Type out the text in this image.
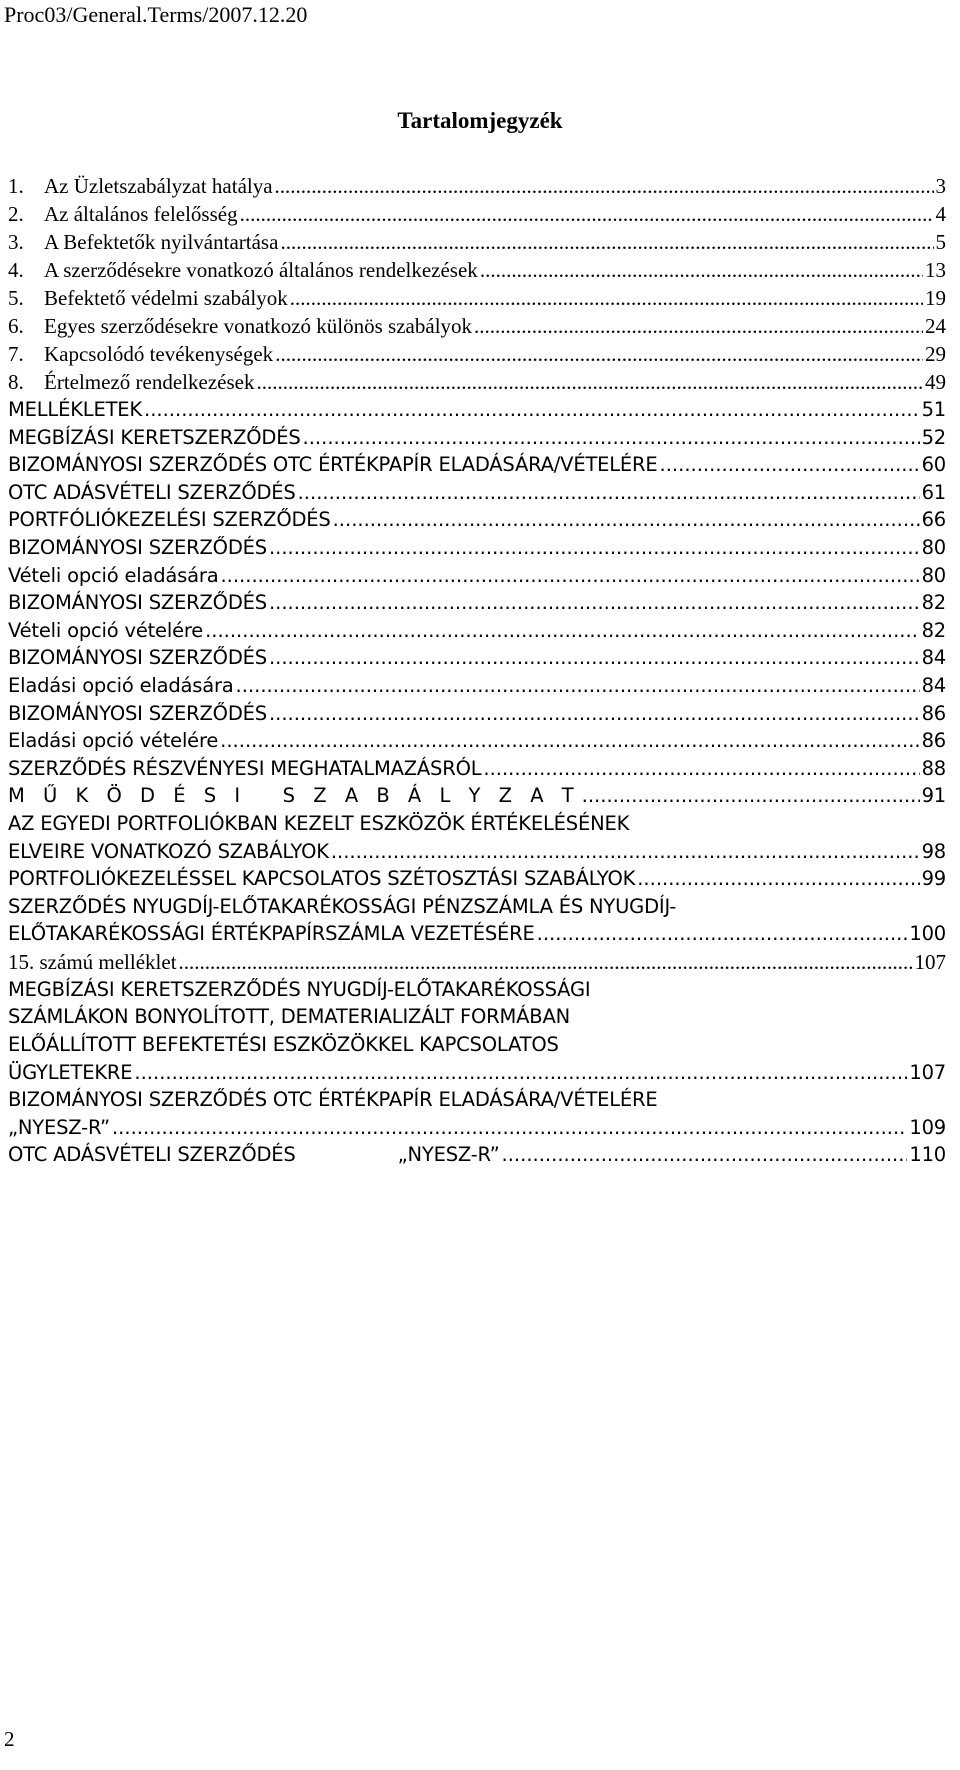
Proc03/General.Terms/2007.12.20
Tartalomjegyzék
1. Az Üzletszabályzat hatálya .....	3
2. Az általános felelősség .....	4
3. A Befektetők nyilvántartása .....	5
4. A szerződésekre vonatkozó általános rendelkezések .....	13
5. Befektető védelmi szabályok .....	19
6. Egyes szerződésekre vonatkozó különös szabályok .....	24
7. Kapcsolódó tevékenységek .....	29
8. Értelmező rendelkezések .....	49
MELLÉKLETEK .....	51
MEGBÍZÁSI KERETSZERZŐDÉS .....	52
BIZOMÁNYOSI SZERZŐDÉS OTC ÉRTÉKPAPÍR ELADÁSÁRA/VÉTELÉRE .....	60
OTC ADÁSVÉTELI SZERZŐDÉS .....	61
PORTFÓLIÓKEZELÉSI SZERZŐDÉS .....	66
BIZOMÁNYOSI SZERZŐDÉS .....	80
Vételi opció eladására .....	80
BIZOMÁNYOSI SZERZŐDÉS .....	82
Vételi opció vételére .....	82
BIZOMÁNYOSI SZERZŐDÉS .....	84
Eladási opció eladására .....	84
BIZOMÁNYOSI SZERZŐDÉS .....	86
Eladási opció vételére .....	86
SZERZŐDÉS RÉSZVÉNYESI MEGHATALMAZÁSRÓL .....	88
M Ű K Ö D É S I   S Z A B Á L Y Z A T .....	91
AZ EGYEDI PORTFOLIÓKBAN KEZELT ESZKÖZÖK ÉRTÉKELÉSÉNEK
ELVEIRE VONATKOZÓ SZABÁLYOK .....	98
PORTFOLIÓKEZELÉSSEL KAPCSOLATOS SZÉTOSZTÁSI SZABÁLYOK .....	99
SZERZŐDÉS NYUGDÍJ-ELŐTAKARÉKOSSÁGI PÉNZSZÁMLA ÉS NYUGDÍJ-
ELŐTAKARÉKOSSÁGI ÉRTÉKPAPÍRSZÁMLA VEZETÉSÉRE .....	100
15. számú melléklet .....	107
MEGBÍZÁSI KERETSZERZŐDÉS NYUGDÍJ-ELŐTAKARÉKOSSÁGI
SZÁMLÁKON BONYOLÍTOTT, DEMATERIALIZÁLT FORMÁBAN
ELŐÁLLÍTOTT BEFEKTETÉSI ESZKÖZÖKKEL KAPCSOLATOS
ÜGYLETEKRE .....	107
BIZOMÁNYOSI SZERZŐDÉS OTC ÉRTÉKPAPÍR ELADÁSÁRA/VÉTELÉRE
„NYESZ-R” .....	109
OTC ADÁSVÉTELI SZERZŐDÉS                 „NYESZ-R” .....	110
2
